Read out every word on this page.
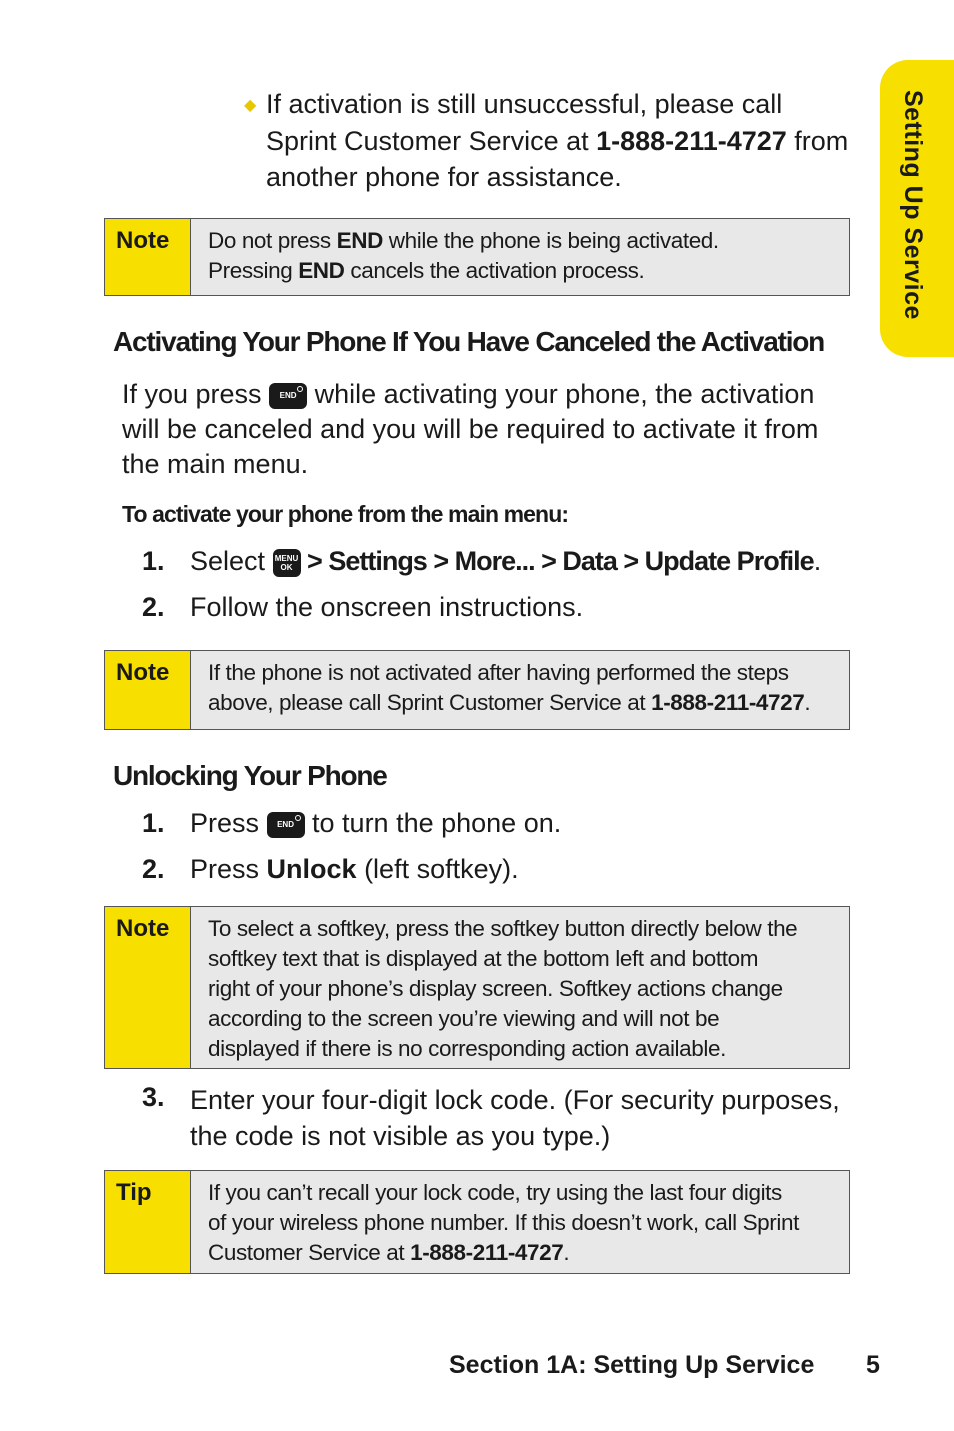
Setting Up Service
◆ If activation is still unsuccessful, please call Sprint Customer Service at 1-888-211-4727 from another phone for assistance.
Note	Do not press END while the phone is being activated.
Pressing END cancels the activation process.
Activating Your Phone If You Have Canceled the Activation
If you press
END while activating your phone, the activation will be canceled and you will be required to activate it from the main menu.
To activate your phone from the main menu:
1. Select MENU
OK > Settings > More... > Data > Update Profile.
2. Follow the onscreen instructions.
Note	If the phone is not activated after having performed the steps
above, please call Sprint Customer Service at 1-888-211-4727.
Unlocking Your Phone
1. Press
END to turn the phone on.
2. Press Unlock (left softkey).
Note	To select a softkey, press the softkey button directly below the
softkey text that is displayed at the bottom left and bottom
right of your phone’s display screen. Softkey actions change
according to the screen you’re viewing and will not be
displayed if there is no corresponding action available.
3. Enter your four-digit lock code. (For security purposes,
the code is not visible as you type.)
Tip	If you can’t recall your lock code, try using the last four digits
of your wireless phone number. If this doesn’t work, call Sprint
Customer Service at 1-888-211-4727.
Section 1A: Setting Up Service 5
